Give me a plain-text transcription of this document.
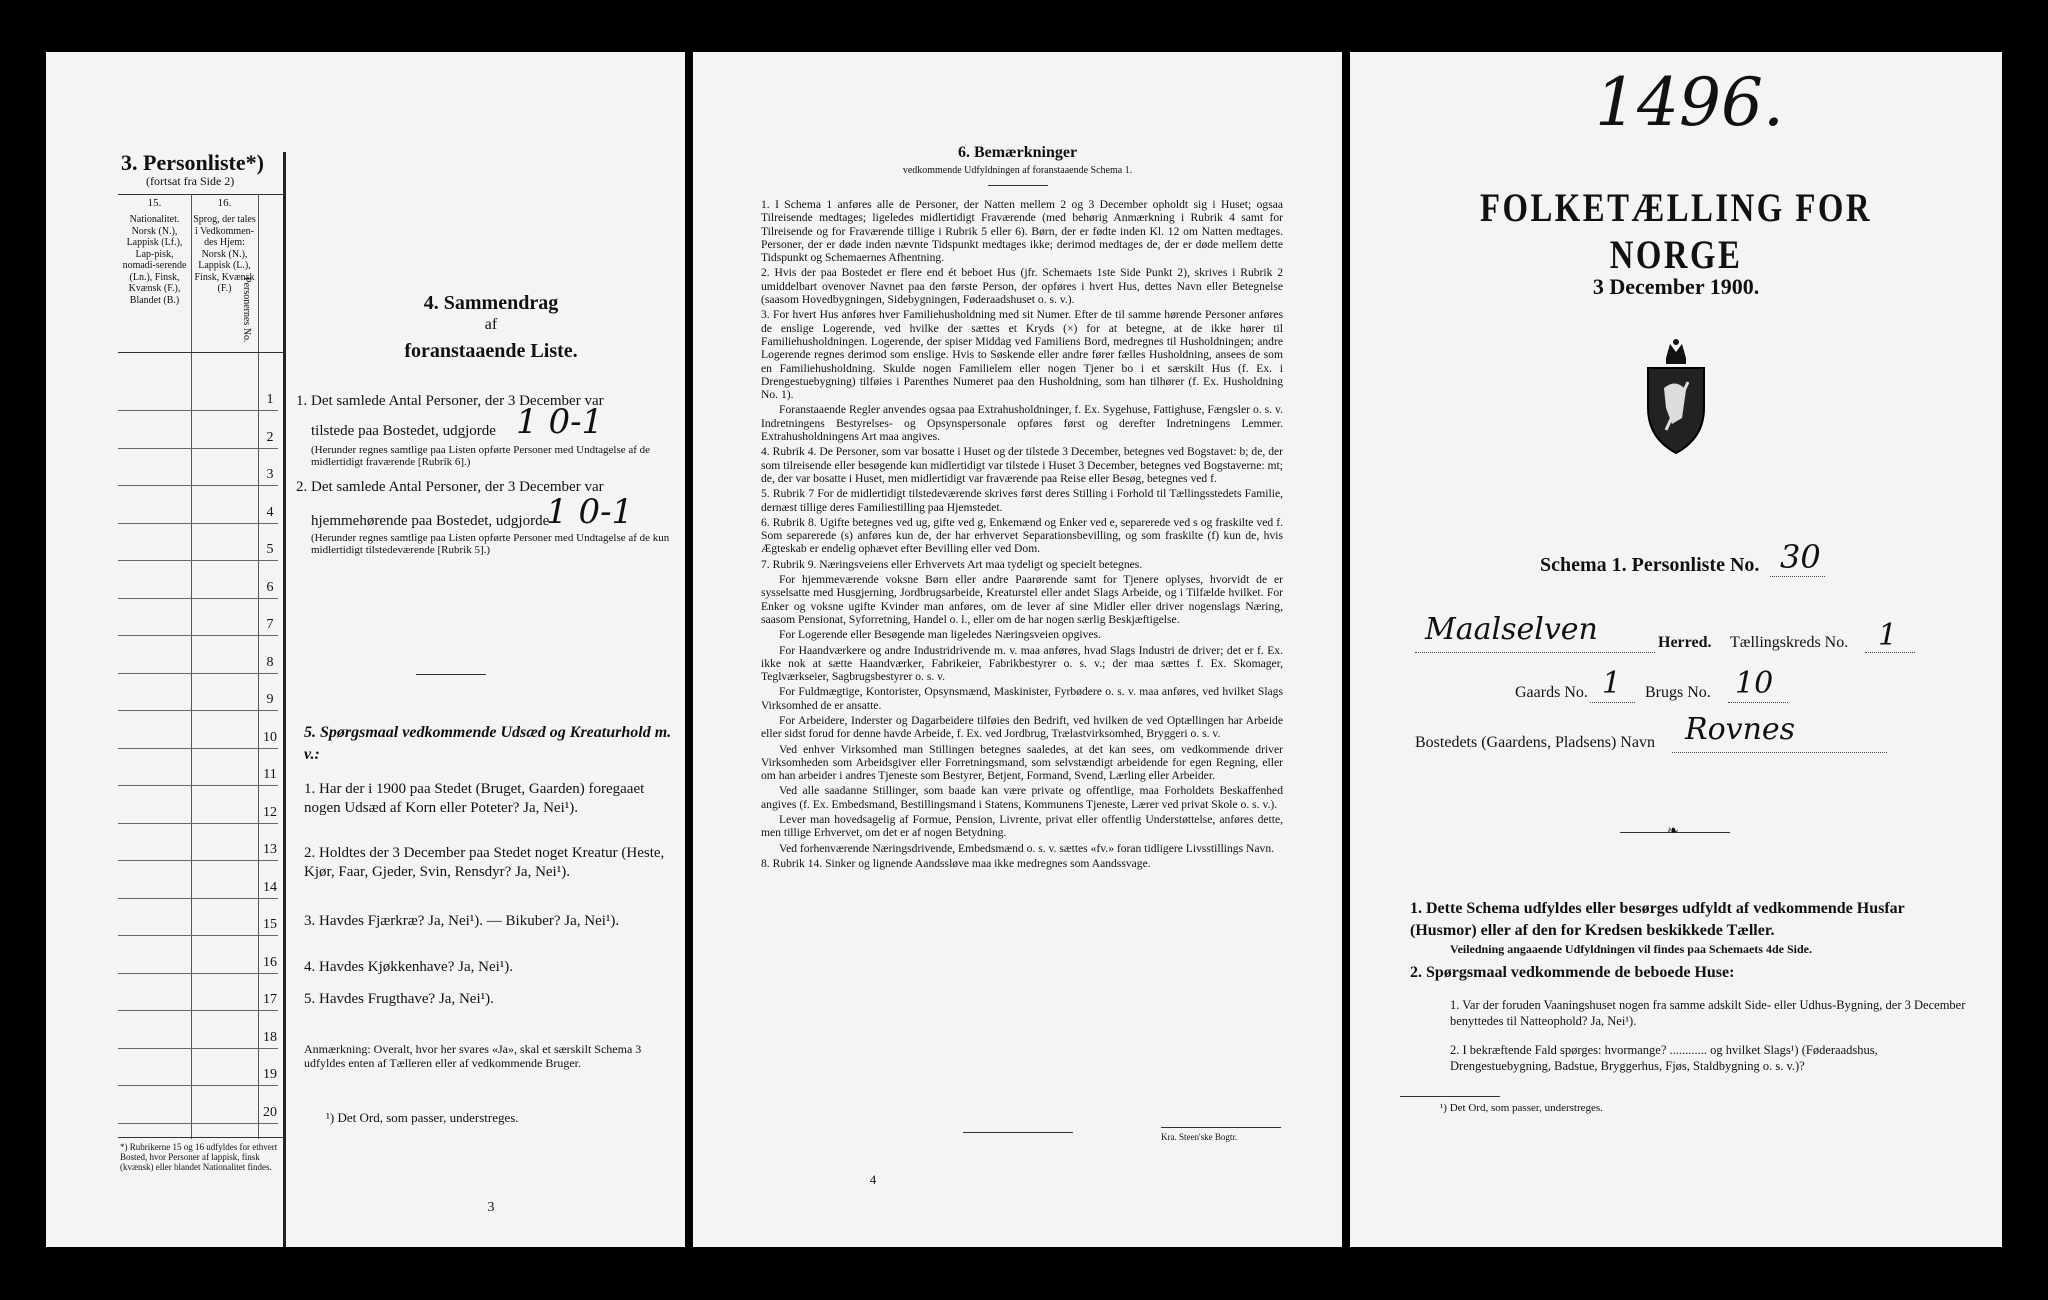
3. Personliste*)
(fortsat fra Side 2)
15.	16.
Nationalitet. Norsk (N.), Lappisk (Lf.), Lap-pisk, nomadi-serende (Ln.), Finsk, Kvænsk (F.), Blandet (B.)
Sprog, der tales i Vedkommen-des Hjem: Norsk (N.), Lappisk (L.), Finsk, Kvænsk (F.) Personernes No.
1
2
3
4
5
6
7
8
9
10
11
12
13
14
15
16
17
18
19
20
*) Rubrikerne 15 og 16 udfyldes for ethvert Bosted, hvor Personer af lappisk, finsk (kvænsk) eller blandet Nationalitet findes.
4. Sammendrag
af
foranstaaende Liste.
1. Det samlede Antal Personer, der 3 December var
tilstede paa Bostedet, udgjorde 1 0-1
(Herunder regnes samtlige paa Listen opførte Personer med Undtagelse af de midlertidigt fraværende [Rubrik 6].)
2. Det samlede Antal Personer, der 3 December var
hjemmehørende paa Bostedet, udgjorde
1 0-1
(Herunder regnes samtlige paa Listen opførte Personer med Undtagelse af de kun midlertidigt tilstedeværende [Rubrik 5].)
5. Spørgsmaal vedkommende Udsæd og Kreaturhold m. v.:
1. Har der i 1900 paa Stedet (Bruget, Gaarden) foregaaet nogen Udsæd af Korn eller Poteter? Ja, Nei¹).
2. Holdtes der 3 December paa Stedet noget Kreatur (Heste, Kjør, Faar, Gjeder, Svin, Rensdyr? Ja, Nei¹).
3. Havdes Fjærkræ? Ja, Nei¹). — Bikuber? Ja, Nei¹).
4. Havdes Kjøkkenhave? Ja, Nei¹).
5. Havdes Frugthave? Ja, Nei¹).
Anmærkning: Overalt, hvor her svares «Ja», skal et særskilt Schema 3 udfyldes enten af Tælleren eller af vedkommende Bruger.
¹) Det Ord, som passer, understreges.
3
6. Bemærkninger
vedkommende Udfyldningen af foranstaaende Schema 1.
1. I Schema 1 anføres alle de Personer, der Natten mellem 2 og 3 December opholdt sig i Huset; ogsaa Tilreisende medtages; ligeledes midlertidigt Fraværende (med behørig Anmærkning i Rubrik 4 samt for Tilreisende og for Fraværende tillige i Rubrik 5 eller 6). Børn, der er fødte inden Kl. 12 om Natten medtages. Personer, der er døde inden nævnte Tidspunkt medtages ikke; derimod medtages de, der er døde mellem dette Tidspunkt og Schemaernes Afhentning.
2. Hvis der paa Bostedet er flere end ét beboet Hus (jfr. Schemaets 1ste Side Punkt 2), skrives i Rubrik 2 umiddelbart ovenover Navnet paa den første Person, der opføres i hvert Hus, dettes Navn eller Betegnelse (saasom Hovedbygningen, Sidebygningen, Føderaadshuset o. s. v.).
3. For hvert Hus anføres hver Familiehusholdning med sit Numer. Efter de til samme hørende Personer anføres de enslige Logerende, ved hvilke der sættes et Kryds (×) for at betegne, at de ikke hører til Familiehusholdningen. Logerende, der spiser Middag ved Familiens Bord, medregnes til Husholdningen; andre Logerende regnes derimod som enslige. Hvis to Søskende eller andre fører fælles Husholdning, ansees de som en Familiehusholdning. Skulde nogen Familielem eller nogen Tjener bo i et særskilt Hus (f. Ex. i Drengestuebygning) tilføies i Parenthes Numeret paa den Husholdning, som han tilhører (f. Ex. Husholdning No. 1).
Foranstaaende Regler anvendes ogsaa paa Extrahusholdninger, f. Ex. Sygehuse, Fattighuse, Fængsler o. s. v. Indretningens Bestyrelses- og Opsynspersonale opføres først og derefter Indretningens Lemmer. Extrahusholdningens Art maa angives.
4. Rubrik 4. De Personer, som var bosatte i Huset og der tilstede 3 December, betegnes ved Bogstavet: b; de, der som tilreisende eller besøgende kun midlertidigt var tilstede i Huset 3 December, betegnes ved Bogstaverne: mt; de, der var bosatte i Huset, men midlertidigt var fraværende paa Reise eller Besøg, betegnes ved f.
5. Rubrik 7 For de midlertidigt tilstedeværende skrives først deres Stilling i Forhold til Tællingsstedets Familie, dernæst tillige deres Familiestilling paa Hjemstedet.
6. Rubrik 8. Ugifte betegnes ved ug, gifte ved g, Enkemænd og Enker ved e, separerede ved s og fraskilte ved f. Som separerede (s) anføres kun de, der har erhvervet Separationsbevilling, og som fraskilte (f) kun de, hvis Ægteskab er endelig ophævet efter Bevilling eller ved Dom.
7. Rubrik 9. Næringsveiens eller Erhvervets Art maa tydeligt og specielt betegnes.
For hjemmeværende voksne Børn eller andre Paarørende samt for Tjenere oplyses, hvorvidt de er sysselsatte med Husgjerning, Jordbrugsarbeide, Kreaturstel eller andet Slags Arbeide, og i Tilfælde hvilket. For Enker og voksne ugifte Kvinder man anføres, om de lever af sine Midler eller driver nogenslags Næring, saasom Pensionat, Syforretning, Handel o. l., eller om de har nogen særlig Beskjæftigelse.
For Logerende eller Besøgende man ligeledes Næringsveien opgives.
For Haandværkere og andre Industridrivende m. v. maa anføres, hvad Slags Industri de driver; det er f. Ex. ikke nok at sætte Haandværker, Fabrikeier, Fabrikbestyrer o. s. v.; der maa sættes f. Ex. Skomager, Teglværkseier, Sagbrugsbestyrer o. s. v.
For Fuldmægtige, Kontorister, Opsynsmænd, Maskinister, Fyrbødere o. s. v. maa anføres, ved hvilket Slags Virksomhed de er ansatte.
For Arbeidere, Inderster og Dagarbeidere tilføies den Bedrift, ved hvilken de ved Optællingen har Arbeide eller sidst forud for denne havde Arbeide, f. Ex. ved Jordbrug, Trælastvirksomhed, Bryggeri o. s. v.
Ved enhver Virksomhed man Stillingen betegnes saaledes, at det kan sees, om vedkommende driver Virksomheden som Arbeidsgiver eller Forretningsmand, som selvstændigt arbeidende for egen Regning, eller om han arbeider i andres Tjeneste som Bestyrer, Betjent, Formand, Svend, Lærling eller Arbeider.
Ved alle saadanne Stillinger, som baade kan være private og offentlige, maa Forholdets Beskaffenhed angives (f. Ex. Embedsmand, Bestillingsmand i Statens, Kommunens Tjeneste, Lærer ved privat Skole o. s. v.).
Lever man hovedsagelig af Formue, Pension, Livrente, privat eller offentlig Understøttelse, anføres dette, men tillige Erhvervet, om det er af nogen Betydning.
Ved forhenværende Næringsdrivende, Embedsmænd o. s. v. sættes «fv.» foran tidligere Livsstillings Navn.
8. Rubrik 14. Sinker og lignende Aandssløve maa ikke medregnes som Aandssvage.
4
Kra. Steen'ske Bogtr.
1496.
FOLKETÆLLING FOR NORGE
3 December 1900.
Schema 1. Personliste No. 30
Maalselven	Herred. Tællingskreds No. 1
Gaards No. 1 Brugs No. 10
Bostedets (Gaardens, Pladsens) Navn Rovnes
❧
1. Dette Schema udfyldes eller besørges udfyldt af vedkommende Husfar (Husmor) eller af den for Kredsen beskikkede Tæller.
Veiledning angaaende Udfyldningen vil findes paa Schemaets 4de Side.
2. Spørgsmaal vedkommende de beboede Huse:
1. Var der foruden Vaaningshuset nogen fra samme adskilt Side- eller Udhus-Bygning, der 3 December benyttedes til Natteophold? Ja, Nei¹).
2. I bekræftende Fald spørges: hvormange? ............ og hvilket Slags¹) (Føderaadshus, Drengestuebygning, Badstue, Bryggerhus, Fjøs, Staldbygning o. s. v.)?
¹) Det Ord, som passer, understreges.
